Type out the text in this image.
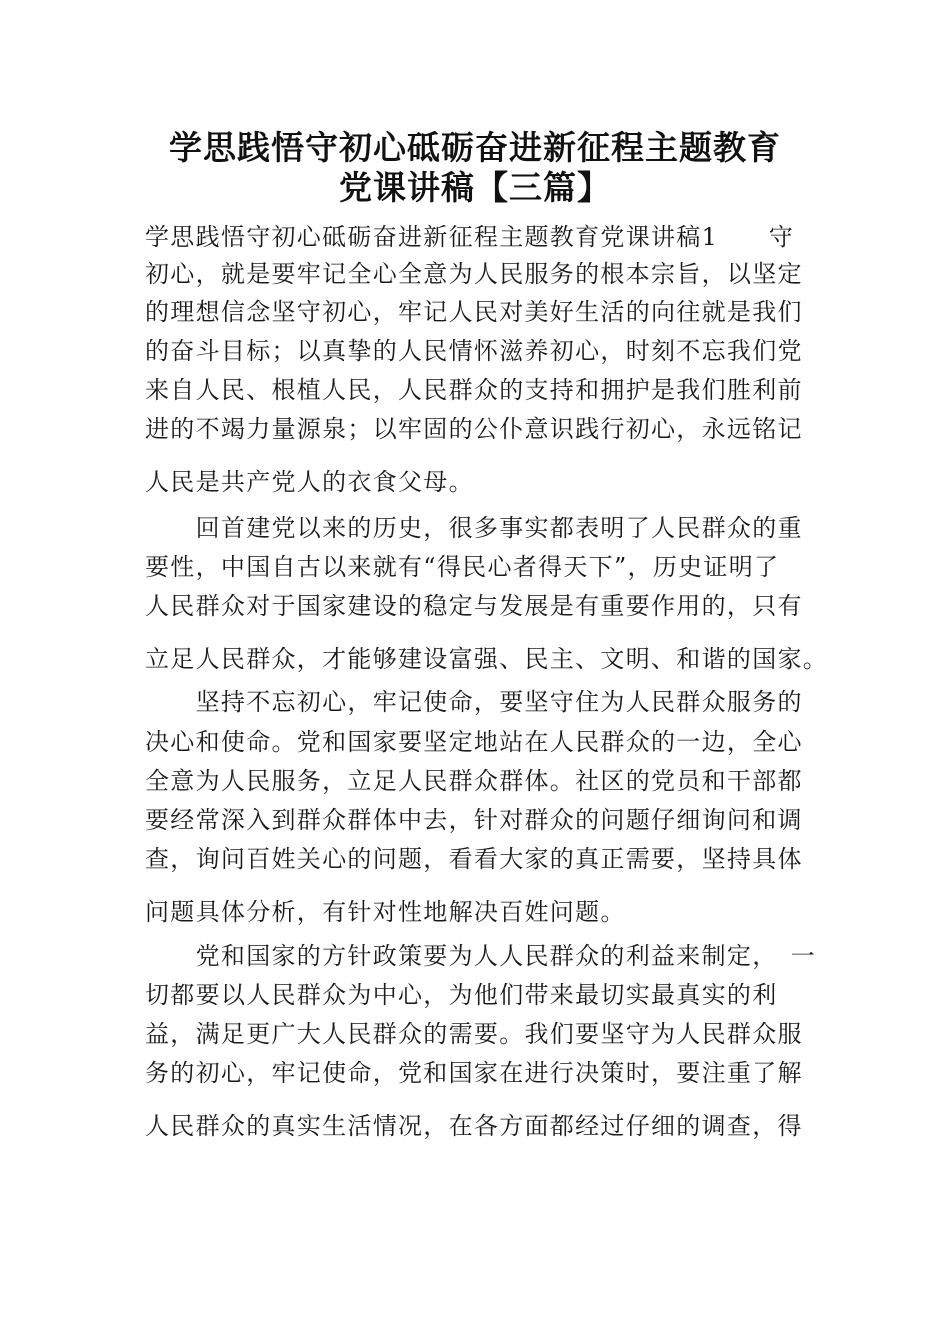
学思践悟守初心砥砺奋进新征程主题教育
党课讲稿【三篇】
学思践悟守初心砥砺奋进新征程主题教育党课讲稿1　　守
初心，就是要牢记全心全意为人民服务的根本宗旨，以坚定
的理想信念坚守初心，牢记人民对美好生活的向往就是我们
的奋斗目标；以真挚的人民情怀滋养初心，时刻不忘我们党
来自人民、根植人民，人民群众的支持和拥护是我们胜利前
进的不竭力量源泉；以牢固的公仆意识践行初心，永远铭记
人民是共产党人的衣食父母。
　　回首建党以来的历史，很多事实都表明了人民群众的重
要性，中国自古以来就有“得民心者得天下”，历史证明了
人民群众对于国家建设的稳定与发展是有重要作用的，只有
立足人民群众，才能够建设富强、民主、文明、和谐的国家。
　　坚持不忘初心，牢记使命，要坚守住为人民群众服务的
决心和使命。党和国家要坚定地站在人民群众的一边，全心
全意为人民服务，立足人民群众群体。社区的党员和干部都
要经常深入到群众群体中去，针对群众的问题仔细询问和调
查，询问百姓关心的问题，看看大家的真正需要，坚持具体
问题具体分析，有针对性地解决百姓问题。
　　党和国家的方针政策要为人人民群众的利益来制定，　一
切都要以人民群众为中心，为他们带来最切实最真实的利
益，满足更广大人民群众的需要。我们要坚守为人民群众服
务的初心，牢记使命，党和国家在进行决策时，要注重了解
人民群众的真实生活情况，在各方面都经过仔细的调查，得
